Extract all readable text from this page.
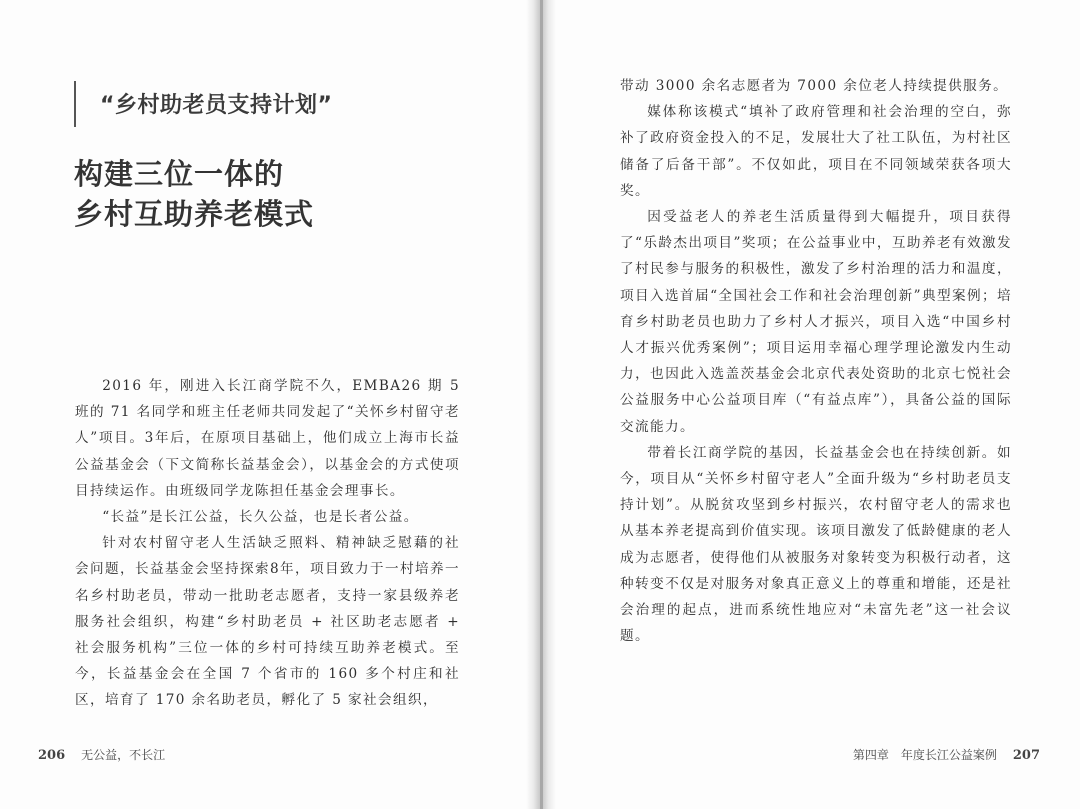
“乡村助老员支持计划”
构建三位一体的
乡村互助养老模式

2016 年，刚进入长江商学院不久，EMBA26 期 5 班的 71 名同学和班主任老师共同发起了“关怀乡村留守老人”项目。3年后，在原项目基础上，他们成立上海市长益公益基金会（下文简称长益基金会），以基金会的方式使项目持续运作。由班级同学龙陈担任基金会理事长。

“长益”是长江公益，长久公益，也是长者公益。

针对农村留守老人生活缺乏照料、精神缺乏慰藉的社会问题，长益基金会坚持探索8年，项目致力于一村培养一名乡村助老员，带动一批助老志愿者，支持一家县级养老服务社会组织，构建“乡村助老员 + 社区助老志愿者 + 社会服务机构”三位一体的乡村可持续互助养老模式。至今，长益基金会在全国 7 个省市的 160 多个村庄和社区，培育了 170 余名助老员，孵化了 5 家社会组织，

206 无公益，不长江

带动 3000 余名志愿者为 7000 余位老人持续提供服务。

媒体称该模式“填补了政府管理和社会治理的空白，弥补了政府资金投入的不足，发展壮大了社工队伍，为村社区储备了后备干部”。不仅如此，项目在不同领域荣获各项大奖。

因受益老人的养老生活质量得到大幅提升，项目获得了“乐龄杰出项目”奖项；在公益事业中，互助养老有效激发了村民参与服务的积极性，激发了乡村治理的活力和温度，项目入选首届“全国社会工作和社会治理创新”典型案例；培育乡村助老员也助力了乡村人才振兴，项目入选“中国乡村人才振兴优秀案例”；项目运用幸福心理学理论激发内生动力，也因此入选盖茨基金会北京代表处资助的北京七悦社会公益服务中心公益项目库（“有益点库”），具备公益的国际交流能力。

带着长江商学院的基因，长益基金会也在持续创新。如今，项目从“关怀乡村留守老人”全面升级为“乡村助老员支持计划”。从脱贫攻坚到乡村振兴，农村留守老人的需求也从基本养老提高到价值实现。该项目激发了低龄健康的老人成为志愿者，使得他们从被服务对象转变为积极行动者，这种转变不仅是对服务对象真正意义上的尊重和增能，还是社会治理的起点，进而系统性地应对“未富先老”这一社会议题。

第四章　年度长江公益案例 207
